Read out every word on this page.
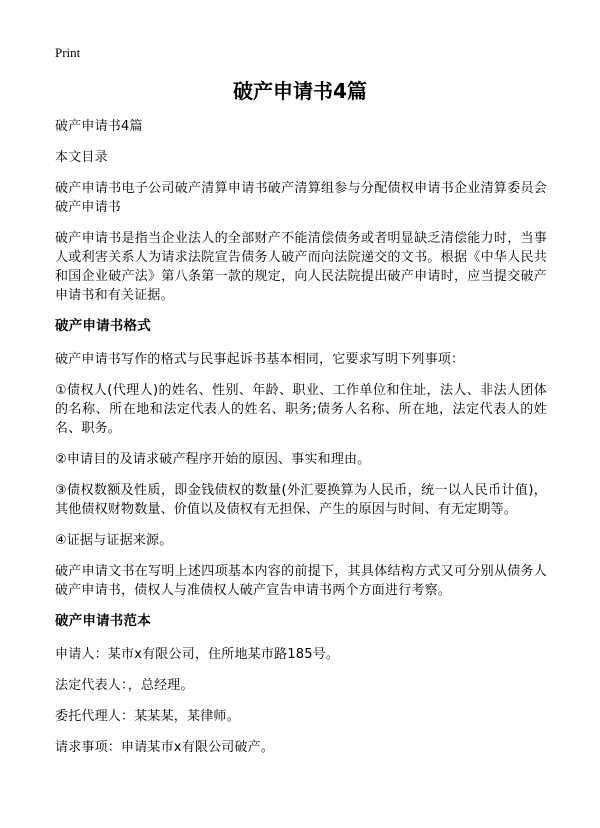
Print
破产申请书4篇

破产申请书4篇

本文目录

破产申请书电子公司破产清算申请书破产清算组参与分配债权申请书企业清算委员会破产申请书

破产申请书是指当企业法人的全部财产不能清偿债务或者明显缺乏清偿能力时，当事人或利害关系人为请求法院宣告债务人破产而向法院递交的文书。根据《中华人民共和国企业破产法》第八条第一款的规定，向人民法院提出破产申请时，应当提交破产申请书和有关证据。

破产申请书格式

破产申请书写作的格式与民事起诉书基本相同，它要求写明下列事项：

①债权人(代理人)的姓名、性别、年龄、职业、工作单位和住址，法人、非法人团体的名称、所在地和法定代表人的姓名、职务;债务人名称、所在地，法定代表人的姓名、职务。

②申请目的及请求破产程序开始的原因、事实和理由。

③债权数额及性质，即金钱债权的数量(外汇要换算为人民币，统一以人民币计值)，其他债权财物数量、价值以及债权有无担保、产生的原因与时间、有无定期等。

④证据与证据来源。

破产申请文书在写明上述四项基本内容的前提下，其具体结构方式又可分别从债务人破产申请书，债权人与准债权人破产宣告申请书两个方面进行考察。

破产申请书范本

申请人：某市x有限公司，住所地某市路185号。

法定代表人：，总经理。

委托代理人：某某某，某律师。

请求事项：申请某市x有限公司破产。
